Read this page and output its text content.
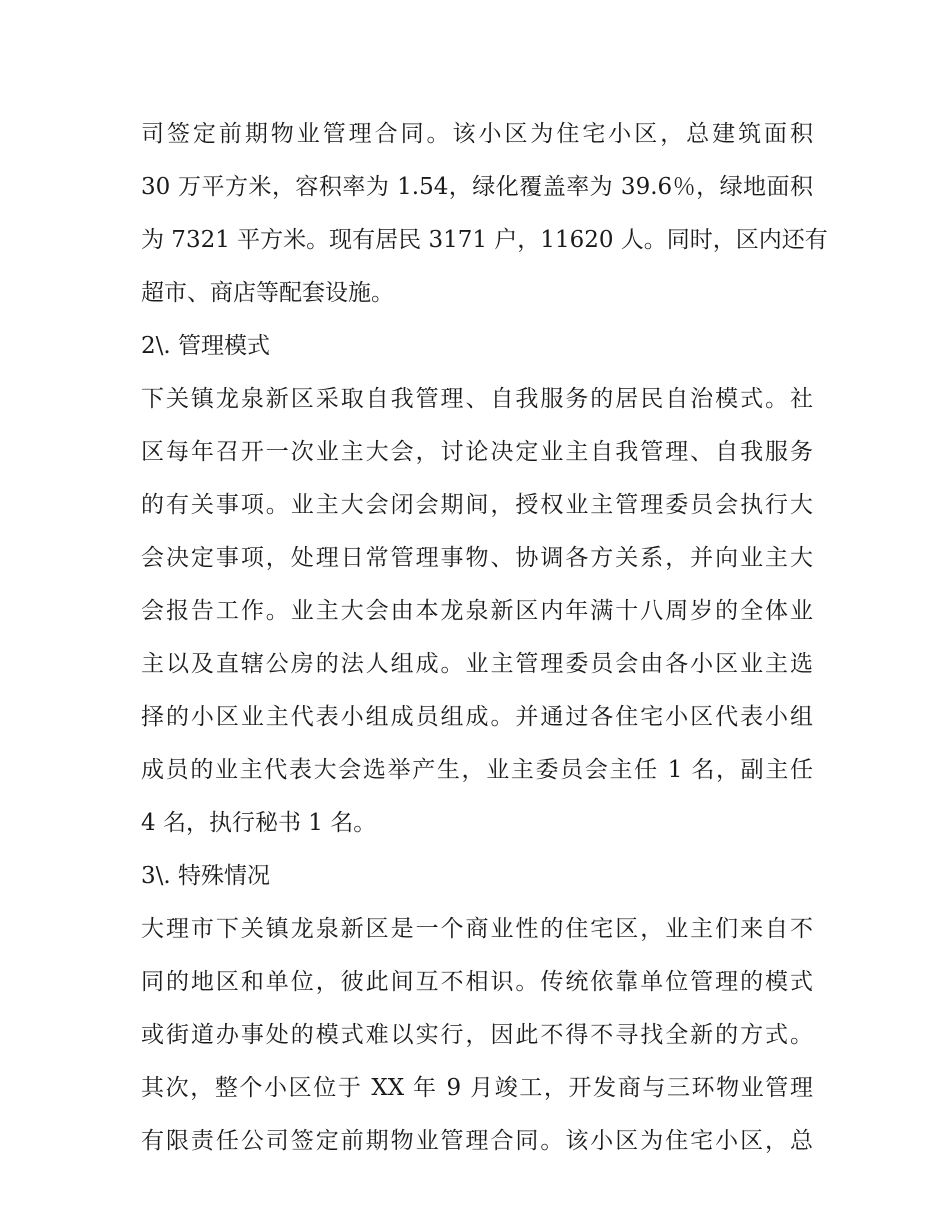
司签定前期物业管理合同。该小区为住宅小区，总建筑面积
30 万平方米，容积率为 1.54，绿化覆盖率为 39.6％，绿地面积
为 7321 平方米。现有居民 3171 户，11620 人。同时，区内还有
超市、商店等配套设施。
2\. 管理模式
下关镇龙泉新区采取自我管理、自我服务的居民自治模式。社
区每年召开一次业主大会，讨论决定业主自我管理、自我服务
的有关事项。业主大会闭会期间，授权业主管理委员会执行大
会决定事项，处理日常管理事物、协调各方关系，并向业主大
会报告工作。业主大会由本龙泉新区内年满十八周岁的全体业
主以及直辖公房的法人组成。业主管理委员会由各小区业主选
择的小区业主代表小组成员组成。并通过各住宅小区代表小组
成员的业主代表大会选举产生，业主委员会主任 1 名，副主任
4 名，执行秘书 1 名。
3\. 特殊情况
大理市下关镇龙泉新区是一个商业性的住宅区，业主们来自不
同的地区和单位，彼此间互不相识。传统依靠单位管理的模式
或街道办事处的模式难以实行，因此不得不寻找全新的方式。
其次，整个小区位于 XX 年 9 月竣工，开发商与三环物业管理
有限责任公司签定前期物业管理合同。该小区为住宅小区，总
